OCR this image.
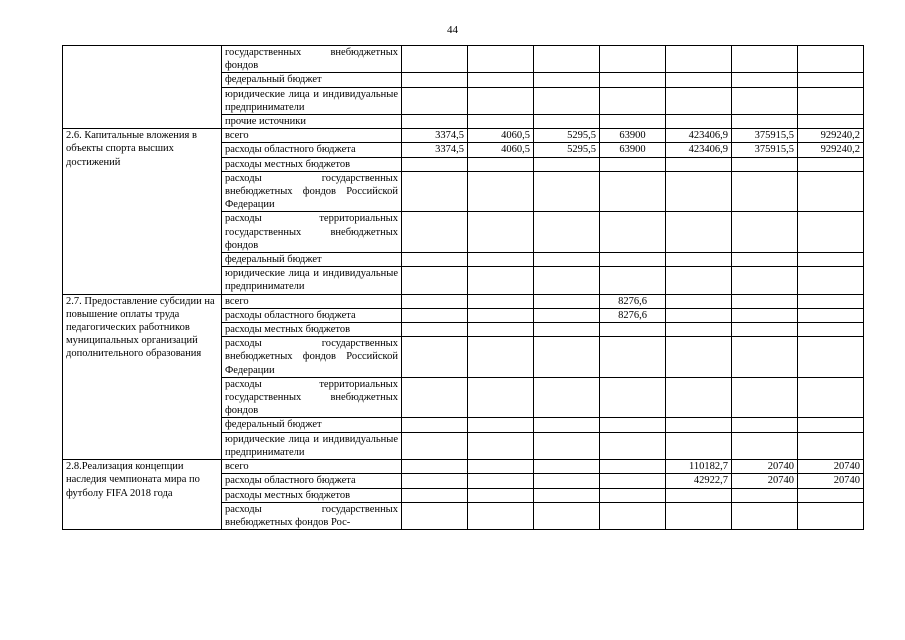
44
	государственных внебюджетных фондов							
	федеральный бюджет							
	юридические лица и индивидуальные предприниматели							
	прочие источники							
2.6. Капитальные вложения в объекты спорта высших достижений	всего	3374,5	4060,5	5295,5	63900	423406,9	375915,5	929240,2
	расходы областного бюджета	3374,5	4060,5	5295,5	63900	423406,9	375915,5	929240,2
	расходы местных бюджетов							
	расходы государственных внебюджетных фондов Российской Федерации							
	расходы территориальных государственных внебюджетных фондов							
	федеральный бюджет							
	юридические лица и индивидуальные предприниматели							
2.7. Предоставление субсидии на повышение оплаты труда педагогических работников муниципальных организаций дополнительного образования	всего				8276,6			
	расходы областного бюджета				8276,6			
	расходы местных бюджетов							
	расходы государственных внебюджетных фондов Российской Федерации							
	расходы территориальных государственных внебюджетных фондов							
	федеральный бюджет							
	юридические лица и индивидуальные предприниматели							
2.8.Реализация концепции наследия чемпионата мира по футболу FIFA 2018 года	всего					110182,7	20740	20740
	расходы областного бюджета					42922,7	20740	20740
	расходы местных бюджетов							
	расходы государственных внебюджетных фондов Рос-							
